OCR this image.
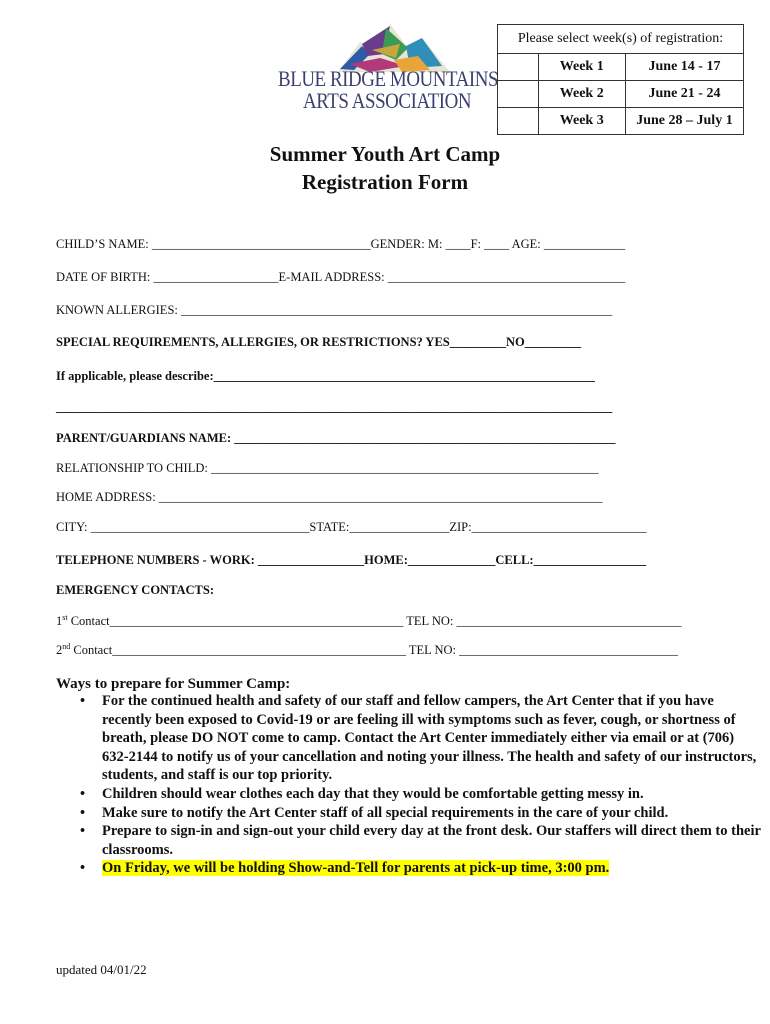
BLUE RIDGE MOUNTAINS
ARTS ASSOCIATION
Please select week(s) of registration:		
	Week 1	June 14 - 17
	Week 2	June 21 - 24
	Week 3	June 28 – July 1
Summer Youth Art Camp
Registration Form
CHILD’S NAME: ___________________________________GENDER: M: ____F: ____ AGE: _____________
DATE OF BIRTH: ____________________E-MAIL ADDRESS: ______________________________________
KNOWN ALLERGIES: _____________________________________________________________________
SPECIAL REQUIREMENTS, ALLERGIES, OR RESTRICTIONS? YES_________NO_________
If applicable, please describe:_____________________________________________________________
_________________________________________________________________________________________
PARENT/GUARDIANS NAME: _____________________________________________________________
RELATIONSHIP TO CHILD: ______________________________________________________________
HOME ADDRESS: _______________________________________________________________________
CITY: ___________________________________STATE:________________ZIP:____________________________
TELEPHONE NUMBERS - WORK: _________________HOME:______________CELL:__________________
EMERGENCY CONTACTS:
1st Contact_______________________________________________ TEL NO: ____________________________________
2nd Contact_______________________________________________ TEL NO: ___________________________________
Ways to prepare for Summer Camp:
• For the continued health and safety of our staff and fellow campers, the Art Center that if you have recently been exposed to Covid-19 or are feeling ill with symptoms such as fever, cough, or shortness of breath, please DO NOT come to camp. Contact the Art Center immediately either via email or at (706) 632-2144 to notify us of your cancellation and noting your illness. The health and safety of our instructors, students, and staff is our top priority.
• Children should wear clothes each day that they would be comfortable getting messy in.
• Make sure to notify the Art Center staff of all special requirements in the care of your child.
• Prepare to sign-in and sign-out your child every day at the front desk. Our staffers will direct them to their classrooms.
• On Friday, we will be holding Show-and-Tell for parents at pick-up time, 3:00 pm.
updated 04/01/22
